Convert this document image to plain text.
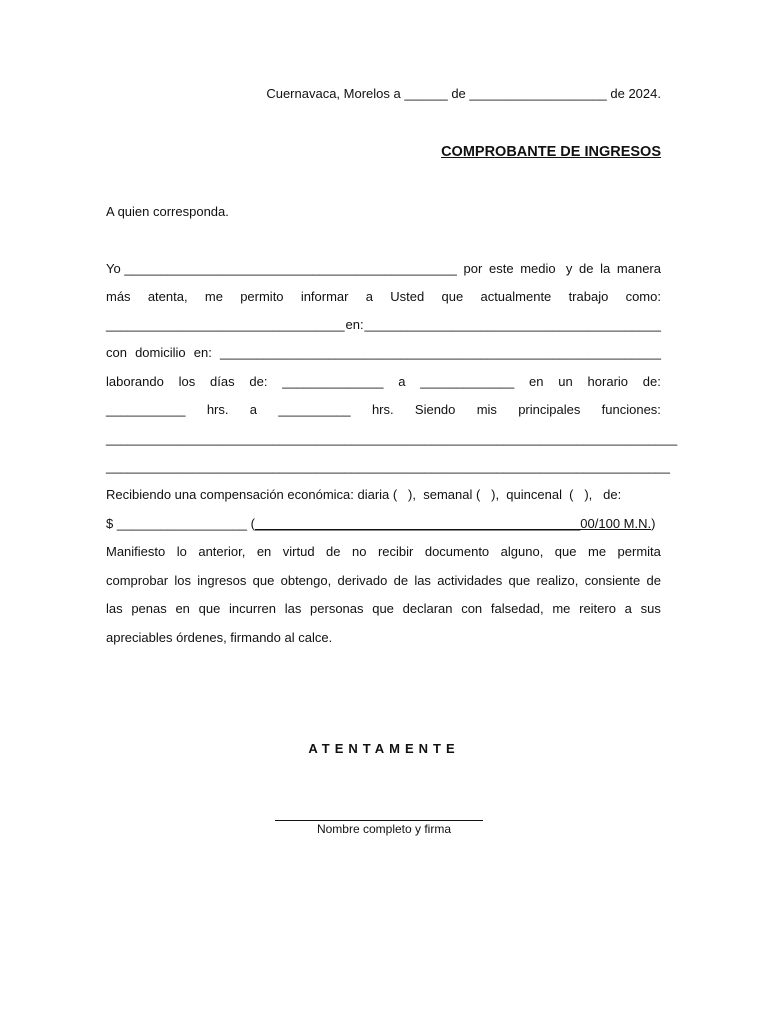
Cuernavaca, Morelos a ______ de ___________________ de 2024.
COMPROBANTE DE INGRESOS
A quien corresponda.
Yo ______________________________________________ por este medio y de la manera
más atenta, me permito informar a Usted que actualmente trabajo como:
_________________________________ en: _________________________________________
con domicilio en: _____________________________________________________________
laborando los días de: ______________ a _____________ en un horario de:
___________ hrs. a __________ hrs. Siendo mis principales funciones:
_______________________________________________________________________________
______________________________________________________________________________
Recibiendo una compensación económica: diaria (   ),  semanal (   ),  quincenal  (   ),   de:
$ __________________ (_____________________________________________00/100 M.N.)
Manifiesto lo anterior, en virtud de no recibir documento alguno, que me permita
comprobar los ingresos que obtengo, derivado de las actividades que realizo, consiente de
las penas en que incurren las personas que declaran con falsedad, me reitero a sus
apreciables órdenes, firmando al calce.
ATENTAMENTE
Nombre completo y firma
